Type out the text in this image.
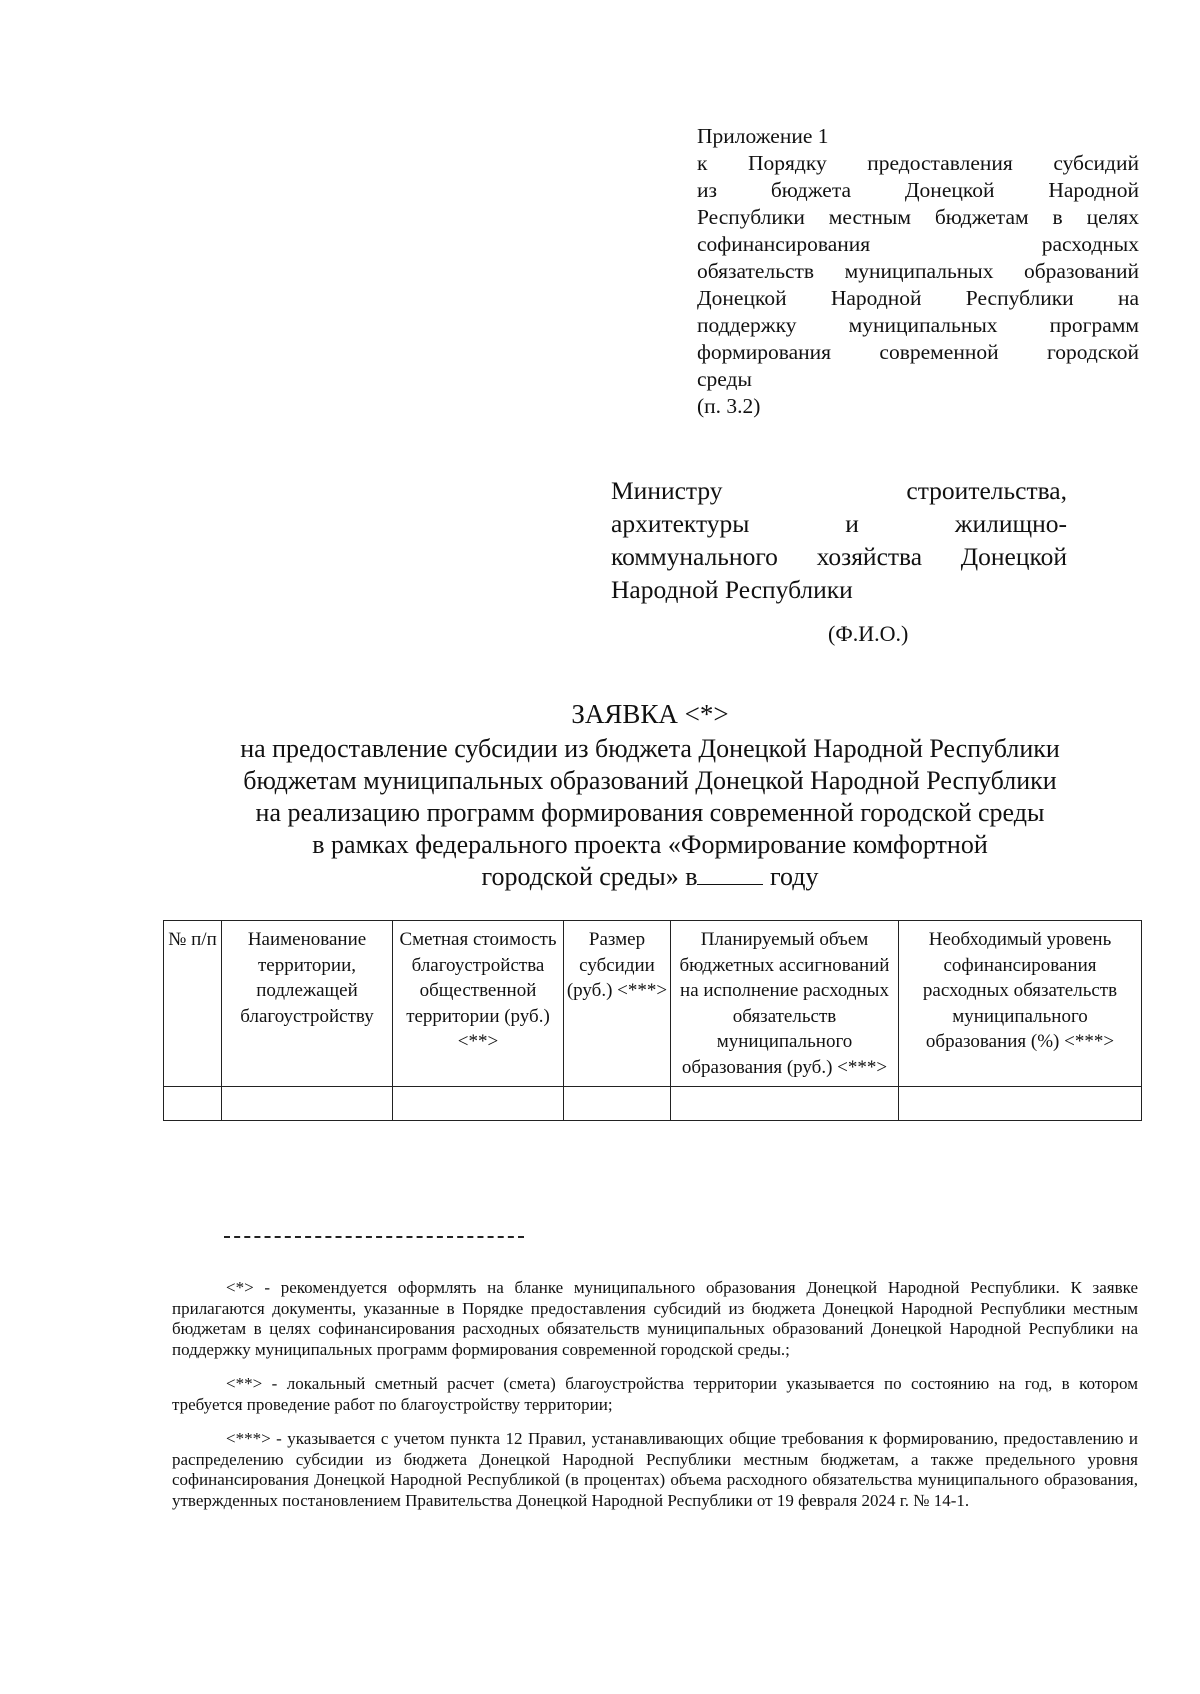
Приложение 1
к Порядку предоставления субсидий
из бюджета Донецкой Народной
Республики местным бюджетам в целях
софинансирования расходных
обязательств муниципальных образований
Донецкой Народной Республики на
поддержку муниципальных программ
формирования современной городской
среды
(п. 3.2)
Министру строительства,
архитектуры и жилищно-
коммунального хозяйства Донецкой
Народной Республики
(Ф.И.О.)
ЗАЯВКА <*>
на предоставление субсидии из бюджета Донецкой Народной Республики
бюджетам муниципальных образований Донецкой Народной Республики
на реализацию программ формирования современной городской среды
в рамках федерального проекта «Формирование комфортной
городской среды» в	году
№ п/п	Наименование территории, подлежащей благоустройству	Сметная стоимость благоустройства общественной территории (руб.) <**>	Размер субсидии (руб.) <***>	Планируемый объем бюджетных ассигнований на исполнение расходных обязательств муниципального образования (руб.) <***>	Необходимый уровень софинансирования расходных обязательств муниципального образования (%) <***>

<*> - рекомендуется оформлять на бланке муниципального образования Донецкой Народной Республики. К заявке прилагаются документы, указанные в Порядке предоставления субсидий из бюджета Донецкой Народной Республики местным бюджетам в целях софинансирования расходных обязательств муниципальных образований Донецкой Народной Республики на поддержку муниципальных программ формирования современной городской среды.;

<**> - локальный сметный расчет (смета) благоустройства территории указывается по состоянию на год, в котором требуется проведение работ по благоустройству территории;

<***> - указывается с учетом пункта 12 Правил, устанавливающих общие требования к формированию, предоставлению и распределению субсидии из бюджета Донецкой Народной Республики местным бюджетам, а также предельного уровня софинансирования Донецкой Народной Республикой (в процентах) объема расходного обязательства муниципального образования, утвержденных постановлением Правительства Донецкой Народной Республики от 19 февраля 2024 г. № 14-1.
